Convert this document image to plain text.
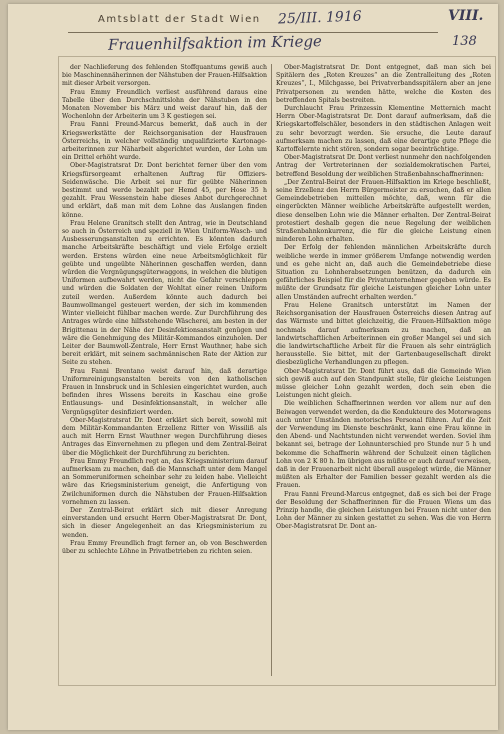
Amtsblatt der Stadt Wien 25/III. 1916	VIII.
Frauenhilfsaktion im Kriege	138

der Nachlieferung des fehlenden Stoffquantums gewiß auch bie Maschinennäherinnen der Nähstuben der Frauen-Hilfsaktion mit dieser Arbeit versorgen.

Frau Emmy Freundlich verliest ausführend daraus eine Tabelle über den Durchschnittslohn der Nähstuben in den Monaten November bis März und weist darauf hin, daß der Wochenlohn der Arbeiterin um 3 K gestiegen sei.

Frau Fanni Freund-Marcus bemerkt, daß auch in der Kriegswerkstätte der Reichsorganisation der Hausfrauen Österreichs, in welcher vollständig unqualifizierte Kartonage-arbeiterinnen zur Näharbeit abgerichtet wurden, der Lohn um ein Drittel erhöht wurde.

Ober-Magistratsrat Dr. Dont berichtet ferner über den vom Kriegsfürsorgeamt erhaltenen Auftrag für Offiziers-Seidenwäsche. Die Arbeit sei nur für geübte Näherinnen bestimmt und werde bezahlt per Hemd 45, per Hose 35 h gezahlt. Frau Wessenstein habe dieses Anbot durchgerechnet und erklärt, daß man mit dem Lohne das Auslangen finden könne.

Frau Helene Granitsch stellt den Antrag, wie in Deutschland so auch in Österreich und speziell in Wien Uniform-Wasch- und Ausbesserungsanstalten zu errichten. Es könnten dadurch manche Arbeitskräfte beschäftigt und viele Erfolge erzielt werden. Erstens würden eine neue Arbeitsmöglichkeit für geübte und ungeübte Näherinnen geschaffen werden, dann würden die Vergnügungsgüterwaggons, in welchen die blutigen Uniformen aufbewahrt werden, nicht die Gefahr verschleppen und würden die Soldaten der Wohltat einer reinen Uniform zuteil werden. Außerdem könnte auch dadurch bei Baumwollmangel gesteuert werden, der sich im kommenden Winter vielleicht fühlbar machen werde. Zur Durchführung des Antrages würde eine hilfsstehende Wäscherei, am besten in der Brigittenau in der Nähe der Desinfektionsanstalt genügen und wäre die Genehmigung des Militär-Kommandos einzuholen. Der Leiter der Baumwoll-Zentrale, Herr Ernst Wauthner, habe sich bereit erklärt, mit seinem sachmännischen Rate der Aktion zur Seite zu stehen.

Frau Fanni Brentano weist darauf hin, daß derartige Uniformreinigungsanstalten bereits von den katholischen Frauen in Innsbruck und in Schlesien eingerichtet wurden, auch befinden ihres Wissens bereits in Kaschau eine große Entlausungs- und Desinfektionsanstalt, in welcher alle Vergnügsgüter desinfiziert werden.

Ober-Magistratsrat Dr. Dont erklärt sich bereit, sowohl mit dem Militär-Kommandanten Erzellenz Ritter von Wissiliß als auch mit Herrn Ernst Wauthner wegen Durchführung dieses Antrages das Einvernehmen zu pflegen und dem Zentral-Beirat über die Möglichkeit der Durchführung zu berichten.

Frau Emmy Freundlich regt an, das Kriegsministerium darauf aufmerksam zu machen, daß die Mannschaft unter dem Mangel an Sommeruniformen scheinbar sehr zu leiden habe. Vielleicht wäre das Kriegsministerium geneigt, die Anfertigung von Zwilchuniformen durch die Nähstuben der Frauen-Hilfsaktion vornehmen zu lassen.

Der Zentral-Beirat erklärt sich mit dieser Anregung einverstanden und ersucht Herrn Ober-Magistratsrat Dr. Dont, sich in dieser Angelegenheit an das Kriegsministerium zu wenden.

Frau Emmy Freundlich fragt ferner an, ob von Beschwerden über zu schlechte Löhne in Privatbetrieben zu richten seien.

Ober-Magistratsrat Dr. Dont entgegnet, daß man sich bei Spitälern des „Roten Kreuzes“ an die Zentralleitung des „Roten Kreuzes“, I., Milchgasse, bei Privatverbandsspitälern aber an jene Privatpersonen zu wenden hätte, welche die Kosten des betreffenden Spitals bestreiten.

Durchlaucht Frau Prinzessin Klementine Metternich macht Herrn Ober-Magistratsrat Dr. Dont darauf aufmerksam, daß die Kriegskartoffelschäler, besonders in den städtischen Anlagen weit zu sehr bevorzugt werden. Sie ersuche, die Leute darauf aufmerksam machen zu lassen, daß eine derartige gute Pflege die Kartoffelernte nicht stören, sondern sogar beeinträchtige.

Ober-Magistratsrat Dr. Dont verliest nunmehr den nachfolgenden Antrag der Vertreterinnen der sozialdemokratischen Partei, betreffend Besoldung der weiblichen Straßenbahnschaffnerinnen:

„Der Zentral-Beirat der Frauen-Hilfsaktion im Kriege beschließt, seine Erzellenz den Herrn Bürgermeister zu ersuchen, daß er allen Gemeindebetrieben mitteilen möchte, daß, wenn für die eingerückten Männer weibliche Arbeitskräfte aufgestellt werden, diese denselben Lohn wie die Männer erhalten. Der Zentral-Beirat protestiert deshalb gegen die neue Regelung der weiblichen Straßenbahnkonkurrenz, die für die gleiche Leistung einen minderen Lohn erhalten.

Der Erfolg der fehlenden männlichen Arbeitskräfte durch weibliche werde in immer größerem Umfange notwendig werden und es gehe nicht an, daß auch die Gemeindebetriebe diese Situation zu Lohnherabsetzungen benützen, da dadurch ein gefährliches Beispiel für die Privatunternehmer gegeben würde. Es müßte der Grundsatz für gleiche Leistungen gleicher Lohn unter allen Umständen aufrecht erhalten werden.“

Frau Helene Granitsch unterstützt im Namen der Reichsorganisation der Hausfrauen Österreichs diesen Antrag auf das Wärmste und bittet gleichzeitig, die Frauen-Hilfsaktion möge nochmals darauf aufmerksam zu machen, daß an landwirtschaftlichen Arbeiterinnen ein großer Mangel sei und sich die landwirtschaftliche Arbeit für die Frauen als sehr einträglich herausstelle. Sie bittet, mit der Gartenbaugesellschaft direkt diesbezügliche Verhandlungen zu pflegen.

Ober-Magistratsrat Dr. Dont führt aus, daß die Gemeinde Wien sich gewiß auch auf den Standpunkt stelle, für gleiche Leistungen müsse gleicher Lohn gezahlt werden, doch sein eben die Leistungen nicht gleich.

Die weiblichen Schaffnerinnen werden vor allem nur auf den Beiwagen verwendet werden, da die Kondukteure des Motorwagens auch unter Umständen motorisches Personal führen. Auf die Zeit der Verwendung im Dienste beschränkt, kann eine Frau könne in den Abend- und Nachtstunden nicht verwendet werden. Soviel ihm bekannt sei, betrage der Lohnunterschied pro Stunde nur 5 h und bekomme die Schaffnerin während der Schulzeit einen täglichen Lohn von 2 K 80 h. Im übrigen aus müßte er auch darauf verweisen, daß in der Frauenarbeit nicht überall ausgelegt würde, die Männer müßten als Erhalter der Familien besser gezahlt werden als die Frauen.

Frau Fanni Freund-Marcus entgegnet, daß es sich bei der Frage der Besoldung der Schaffnerinnen für die Frauen Wiens um das Prinzip handle, die gleichen Leistungen bei Frauen nicht unter den Lohn der Männer zu sinken gestattet zu sehen. Was die von Herrn Ober-Magistratsrat Dr. Dont an-
